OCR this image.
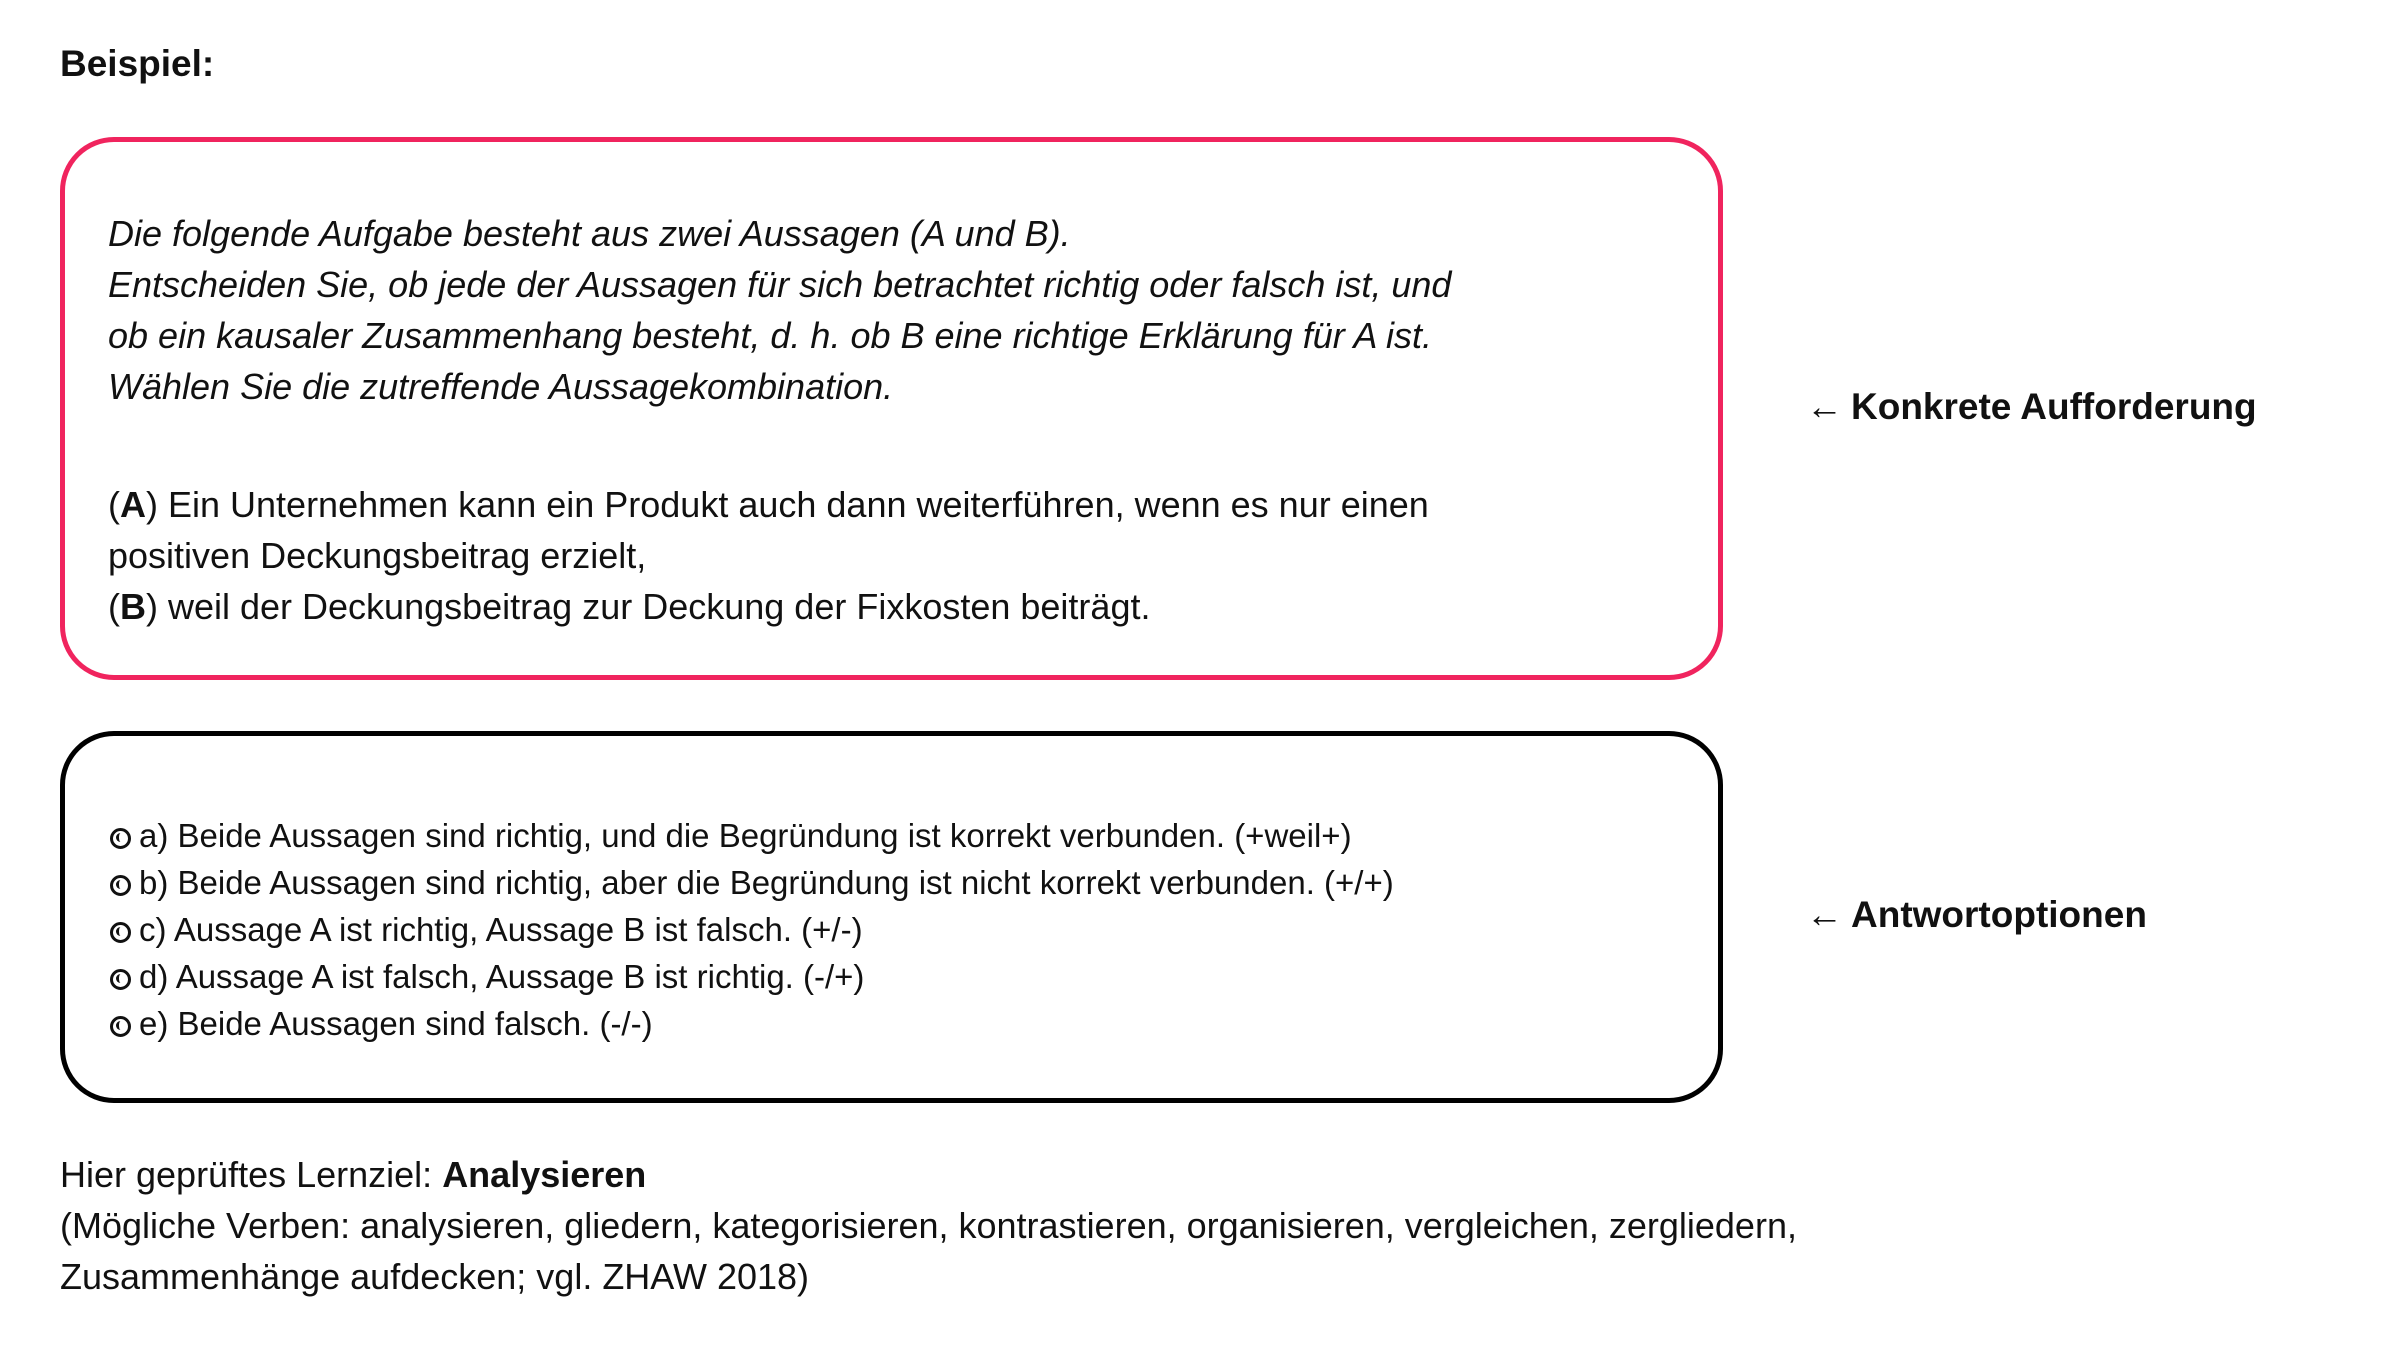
Beispiel:

Die folgende Aufgabe besteht aus zwei Aussagen (A und B).
Entscheiden Sie, ob jede der Aussagen für sich betrachtet richtig oder falsch ist, und
ob ein kausaler Zusammenhang besteht, d. h. ob B eine richtige Erklärung für A ist.
Wählen Sie die zutreffende Aussagekombination.

(A) Ein Unternehmen kann ein Produkt auch dann weiterführen, wenn es nur einen
positiven Deckungsbeitrag erzielt,
(B) weil der Deckungsbeitrag zur Deckung der Fixkosten beiträgt.
a) Beide Aussagen sind richtig, und die Begründung ist korrekt verbunden. (+weil+)
b) Beide Aussagen sind richtig, aber die Begründung ist nicht korrekt verbunden. (+/+)
c) Aussage A ist richtig, Aussage B ist falsch. (+/-)
d) Aussage A ist falsch, Aussage B ist richtig. (-/+)
e) Beide Aussagen sind falsch. (-/-)
← Konkrete Aufforderung
← Antwortoptionen
Hier geprüftes Lernziel: Analysieren
(Mögliche Verben: analysieren, gliedern, kategorisieren, kontrastieren, organisieren, vergleichen, zergliedern,
Zusammenhänge aufdecken; vgl. ZHAW 2018)
